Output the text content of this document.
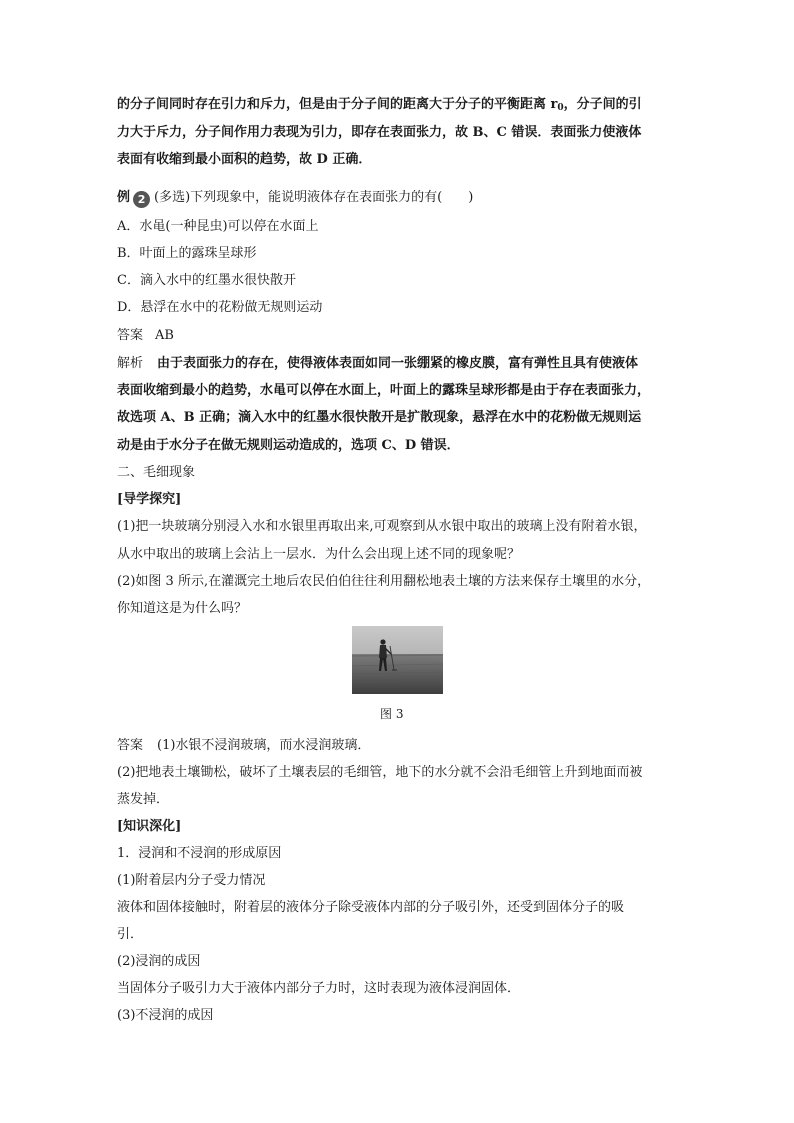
的分子间同时存在引力和斥力，但是由于分子间的距离大于分子的平衡距离 $r_0$，分子间的引
力大于斥力，分子间作用力表现为引力，即存在表面张力，故 B、C 错误．表面张力使液体
表面有收缩到最小面积的趋势，故 D 正确．
例 2 (多选)下列现象中，能说明液体存在表面张力的有(　　)
A．水黾(一种昆虫)可以停在水面上
B．叶面上的露珠呈球形
C．滴入水中的红墨水很快散开
D．悬浮在水中的花粉做无规则运动
答案 AB
解析 由于表面张力的存在，使得液体表面如同一张绷紧的橡皮膜，富有弹性且具有使液体
表面收缩到最小的趋势，水黾可以停在水面上，叶面上的露珠呈球形都是由于存在表面张力，
故选项 A、B 正确；滴入水中的红墨水很快散开是扩散现象，悬浮在水中的花粉做无规则运
动是由于水分子在做无规则运动造成的，选项 C、D 错误．
二、毛细现象
[导学探究]
(1)把一块玻璃分别浸入水和水银里再取出来,可观察到从水银中取出的玻璃上没有附着水银，
从水中取出的玻璃上会沾上一层水．为什么会出现上述不同的现象呢？
(2)如图 3 所示,在灌溉完土地后农民伯伯往往利用翻松地表土壤的方法来保存土壤里的水分，
你知道这是为什么吗？
图 3
答案 (1)水银不浸润玻璃，而水浸润玻璃．
(2)把地表土壤锄松，破坏了土壤表层的毛细管，地下的水分就不会沿毛细管上升到地面而被
蒸发掉．
[知识深化]
1．浸润和不浸润的形成原因
(1)附着层内分子受力情况
液体和固体接触时，附着层的液体分子除受液体内部的分子吸引外，还受到固体分子的吸
引．
(2)浸润的成因
当固体分子吸引力大于液体内部分子力时，这时表现为液体浸润固体．
(3)不浸润的成因
